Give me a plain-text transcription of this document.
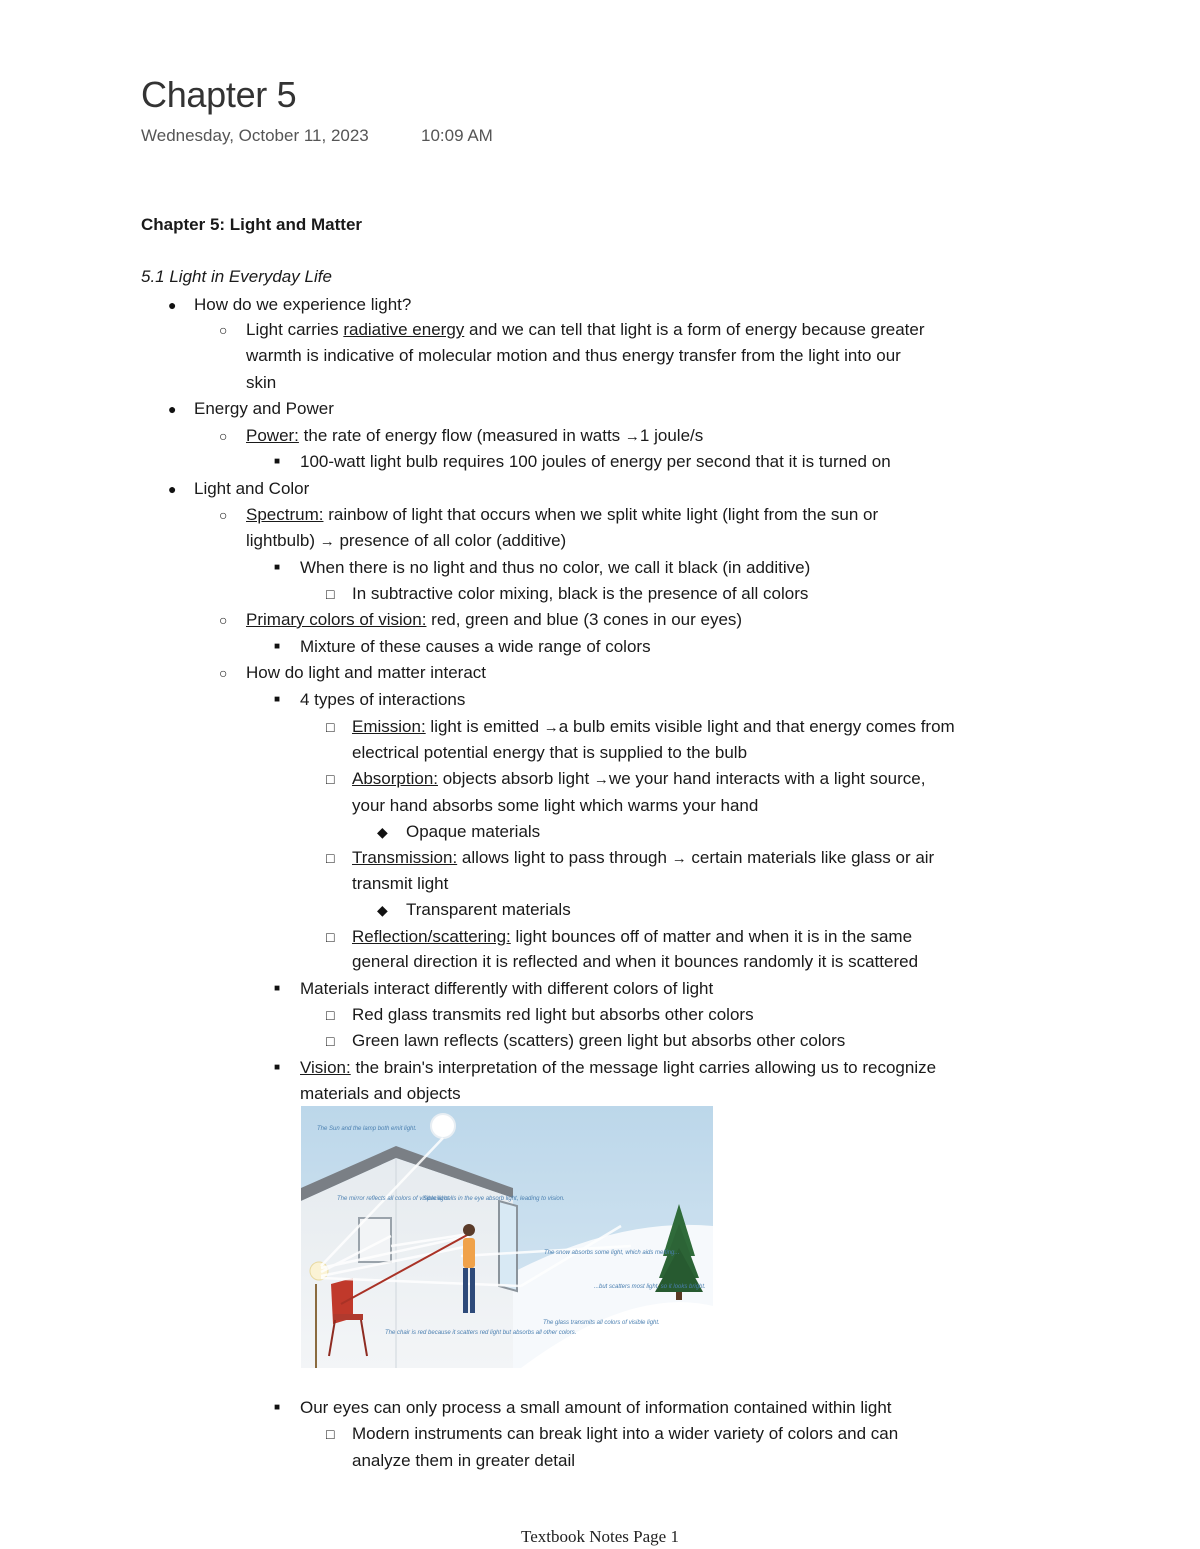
Chapter 5
Wednesday, October 11, 2023	10:09 AM
Chapter 5: Light and Matter
5.1 Light in Everyday Life
● How do we experience light?
○ Light carries radiative energy and we can tell that light is a form of energy because greater
warmth is indicative of molecular motion and thus energy transfer from the light into our
skin
● Energy and Power
○ Power: the rate of energy flow (measured in watts →1 joule/s
■ 100-watt light bulb requires 100 joules of energy per second that it is turned on
● Light and Color
○ Spectrum: rainbow of light that occurs when we split white light (light from the sun or
lightbulb) → presence of all color (additive)
■ When there is no light and thus no color, we call it black (in additive)
□ In subtractive color mixing, black is the presence of all colors
○ Primary colors of vision: red, green and blue (3 cones in our eyes)
■ Mixture of these causes a wide range of colors
○ How do light and matter interact
■ 4 types of interactions
□ Emission: light is emitted →a bulb emits visible light and that energy comes from
electrical potential energy that is supplied to the bulb
□ Absorption: objects absorb light →we your hand interacts with a light source,
your hand absorbs some light which warms your hand
◆ Opaque materials
□ Transmission: allows light to pass through → certain materials like glass or air
transmit light
◆ Transparent materials
□ Reflection/scattering: light bounces off of matter and when it is in the same
general direction it is reflected and when it bounces randomly it is scattered
■ Materials interact differently with different colors of light
□ Red glass transmits red light but absorbs other colors
□ Green lawn reflects (scatters) green light but absorbs other colors
■ Vision: the brain's interpretation of the message light carries allowing us to recognize
materials and objects
The Sun and the lamp both emit light.
The mirror reflects all colors of visible light.
Special cells in the eye absorb light, leading to vision.
The snow absorbs some light, which aids melting...
...but scatters most light, so it looks bright.
The chair is red because it scatters red light but absorbs all other colors.
The glass transmits all colors of visible light.
■ Our eyes can only process a small amount of information contained within light
□ Modern instruments can break light into a wider variety of colors and can
analyze them in greater detail
Textbook Notes Page 1
